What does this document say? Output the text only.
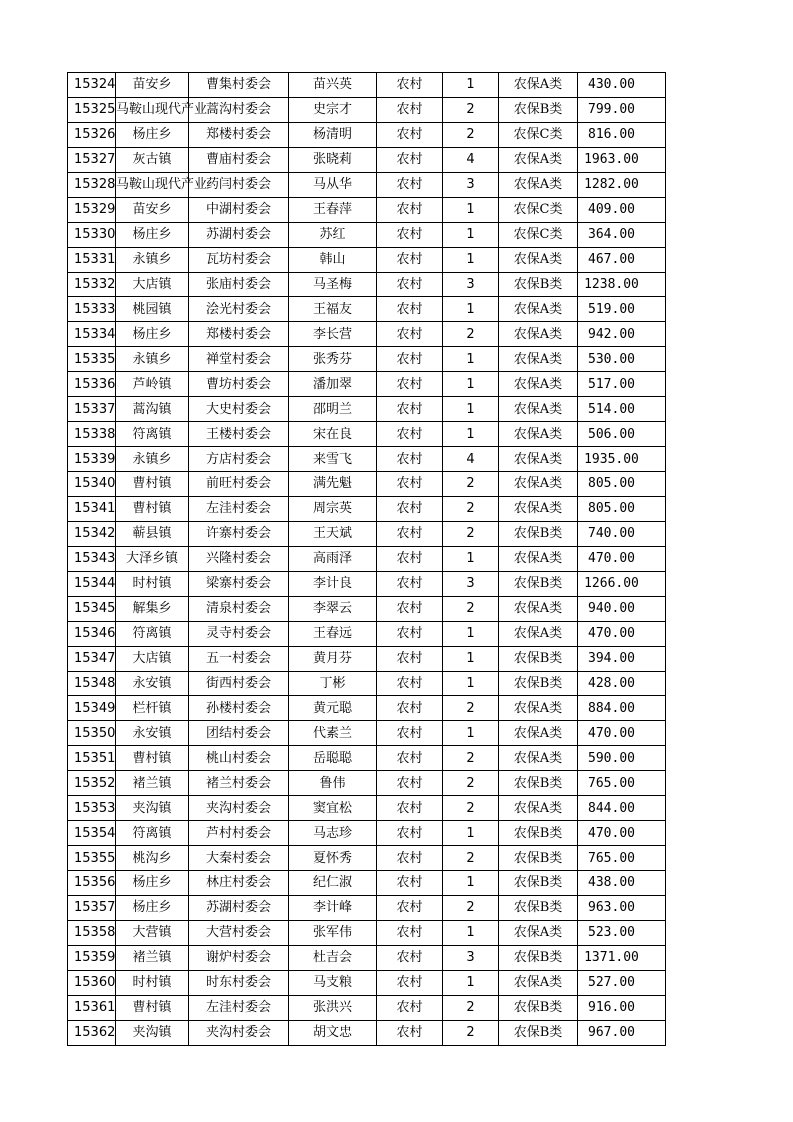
15324	苗安乡	曹集村委会	苗兴英	农村	1	农保A类	430.00
15325	马鞍山现代产业	蒿沟村委会	史宗才	农村	2	农保B类	799.00
15326	杨庄乡	郑楼村委会	杨清明	农村	2	农保C类	816.00
15327	灰古镇	曹庙村委会	张晓莉	农村	4	农保A类	1963.00
15328	马鞍山现代产业	药闫村委会	马从华	农村	3	农保A类	1282.00
15329	苗安乡	中湖村委会	王春萍	农村	1	农保C类	409.00
15330	杨庄乡	苏湖村委会	苏红	农村	1	农保C类	364.00
15331	永镇乡	瓦坊村委会	韩山	农村	1	农保A类	467.00
15332	大店镇	张庙村委会	马圣梅	农村	3	农保B类	1238.00
15333	桃园镇	浍光村委会	王福友	农村	1	农保A类	519.00
15334	杨庄乡	郑楼村委会	李长营	农村	2	农保A类	942.00
15335	永镇乡	禅堂村委会	张秀芬	农村	1	农保A类	530.00
15336	芦岭镇	曹坊村委会	潘加翠	农村	1	农保A类	517.00
15337	蒿沟镇	大史村委会	邵明兰	农村	1	农保A类	514.00
15338	符离镇	王楼村委会	宋在良	农村	1	农保A类	506.00
15339	永镇乡	方店村委会	来雪飞	农村	4	农保A类	1935.00
15340	曹村镇	前旺村委会	满先魁	农村	2	农保A类	805.00
15341	曹村镇	左洼村委会	周宗英	农村	2	农保A类	805.00
15342	蕲县镇	许寨村委会	王天斌	农村	2	农保B类	740.00
15343	大泽乡镇	兴隆村委会	高雨泽	农村	1	农保A类	470.00
15344	时村镇	梁寨村委会	李计良	农村	3	农保B类	1266.00
15345	解集乡	清泉村委会	李翠云	农村	2	农保A类	940.00
15346	符离镇	灵寺村委会	王春远	农村	1	农保A类	470.00
15347	大店镇	五一村委会	黄月芬	农村	1	农保B类	394.00
15348	永安镇	街西村委会	丁彬	农村	1	农保B类	428.00
15349	栏杆镇	孙楼村委会	黄元聪	农村	2	农保A类	884.00
15350	永安镇	团结村委会	代素兰	农村	1	农保A类	470.00
15351	曹村镇	桃山村委会	岳聪聪	农村	2	农保A类	590.00
15352	褚兰镇	褚兰村委会	鲁伟	农村	2	农保B类	765.00
15353	夹沟镇	夹沟村委会	窦宜松	农村	2	农保A类	844.00
15354	符离镇	芦村村委会	马志珍	农村	1	农保B类	470.00
15355	桃沟乡	大秦村委会	夏怀秀	农村	2	农保B类	765.00
15356	杨庄乡	林庄村委会	纪仁淑	农村	1	农保B类	438.00
15357	杨庄乡	苏湖村委会	李计峰	农村	2	农保B类	963.00
15358	大营镇	大营村委会	张军伟	农村	1	农保A类	523.00
15359	褚兰镇	谢炉村委会	杜吉会	农村	3	农保B类	1371.00
15360	时村镇	时东村委会	马支粮	农村	1	农保A类	527.00
15361	曹村镇	左洼村委会	张洪兴	农村	2	农保B类	916.00
15362	夹沟镇	夹沟村委会	胡文忠	农村	2	农保B类	967.00
